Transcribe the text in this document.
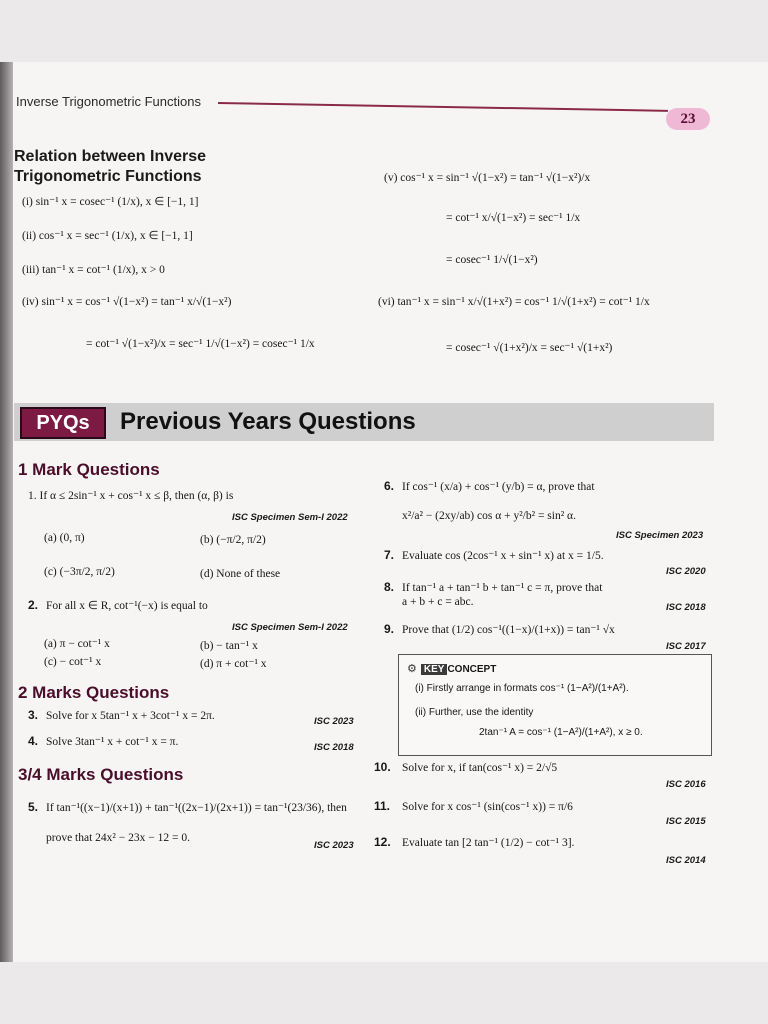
Inverse Trigonometric Functions
23
Relation between Inverse
Trigonometric Functions
(i) sin⁻¹ x = cosec⁻¹ (1/x), x ∈ [−1, 1]
(ii) cos⁻¹ x = sec⁻¹ (1/x), x ∈ [−1, 1]
(iii) tan⁻¹ x = cot⁻¹ (1/x), x > 0
(iv) sin⁻¹ x = cos⁻¹ √(1−x²) = tan⁻¹ x/√(1−x²)
= cot⁻¹ √(1−x²)/x = sec⁻¹ 1/√(1−x²) = cosec⁻¹ 1/x
(v) cos⁻¹ x = sin⁻¹ √(1−x²) = tan⁻¹ √(1−x²)/x
= cot⁻¹ x/√(1−x²) = sec⁻¹ 1/x
= cosec⁻¹ 1/√(1−x²)
(vi) tan⁻¹ x = sin⁻¹ x/√(1+x²) = cos⁻¹ 1/√(1+x²) = cot⁻¹ 1/x
= cosec⁻¹ √(1+x²)/x = sec⁻¹ √(1+x²)
PYQs	Previous Years Questions
1 Mark Questions
1. If α ≤ 2sin⁻¹ x + cos⁻¹ x ≤ β, then (α, β) is
ISC Specimen Sem-I 2022
(a) (0, π)	(b) (−π/2, π/2)
(c) (−3π/2, π/2)	(d) None of these
2. For all x ∈ R, cot⁻¹(−x) is equal to
ISC Specimen Sem-I 2022
(a) π − cot⁻¹ x	(b) − tan⁻¹ x
(c) − cot⁻¹ x	(d) π + cot⁻¹ x
2 Marks Questions
3. Solve for x 5tan⁻¹ x + 3cot⁻¹ x = 2π.	ISC 2023
4. Solve 3tan⁻¹ x + cot⁻¹ x = π.	ISC 2018
3/4 Marks Questions
5. If tan⁻¹((x−1)/(x+1)) + tan⁻¹((2x−1)/(2x+1)) = tan⁻¹(23/36), then
prove that 24x² − 23x − 12 = 0.
ISC 2023
6. If cos⁻¹ (x/a) + cos⁻¹ (y/b) = α, prove that
x²/a² − (2xy/ab) cos α + y²/b² = sin² α.
ISC Specimen 2023
7. Evaluate cos (2cos⁻¹ x + sin⁻¹ x) at x = 1/5.
ISC 2020
8. If tan⁻¹ a + tan⁻¹ b + tan⁻¹ c = π, prove that
a + b + c = abc.	ISC 2018
9. Prove that (1/2) cos⁻¹((1−x)/(1+x)) = tan⁻¹ √x
ISC 2017
⚙ KEY CONCEPT
(i) Firstly arrange in formats cos⁻¹ (1−A²)/(1+A²).
(ii) Further, use the identity
2tan⁻¹ A = cos⁻¹ (1−A²)/(1+A²), x ≥ 0.
10. Solve for x, if tan(cos⁻¹ x) = 2/√5
ISC 2016
11. Solve for x cos⁻¹ (sin(cos⁻¹ x)) = π/6
ISC 2015
12. Evaluate tan [2 tan⁻¹ (1/2) − cot⁻¹ 3].
ISC 2014
